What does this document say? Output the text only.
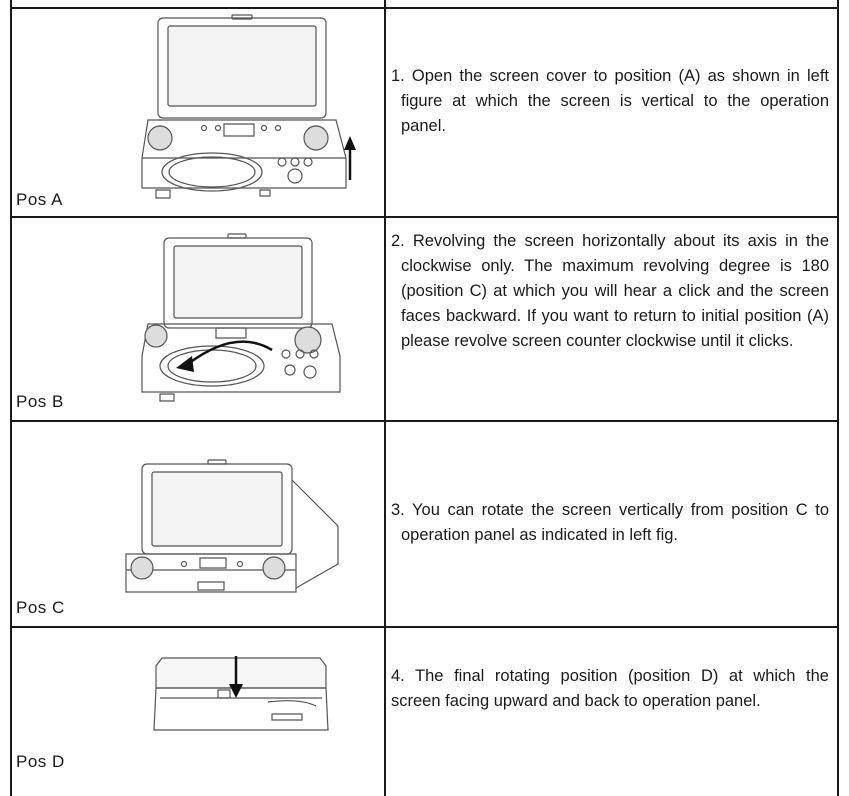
Pos A

1. Open the screen cover to position (A) as shown in left figure at which the screen is vertical to the operation panel.

Pos B

2. Revolving the screen horizontally about its axis in the clockwise only. The maximum revolving degree is 180 (position C) at which you will hear a click and the screen faces backward. If you want to return to initial position (A) please revolve screen counter clockwise until it clicks.

Pos C

3. You can rotate the screen vertically from position C to operation panel as indicated in left fig.

Pos D

4. The final rotating position (position D) at which the screen facing upward and back to operation panel.
